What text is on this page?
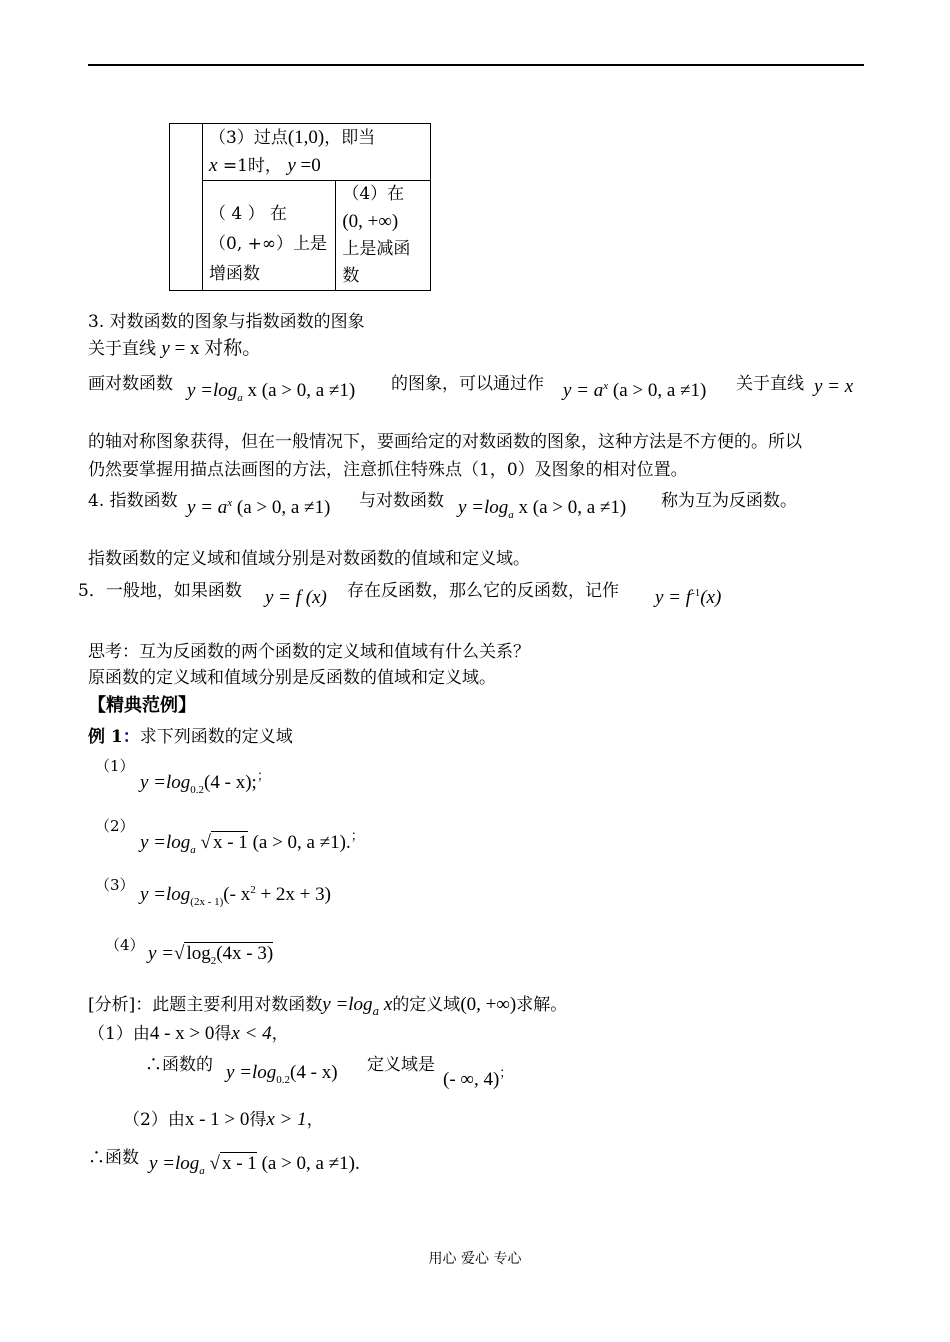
	（3）过点(1,0)，即当
x =1时， y =0	
	（ 4 ） 在
（0, +∞）上是
增函数	（4）在
(0, +∞)
上是减函
数
3. 对数函数的图象与指数函数的图象
关于直线 y = x 对称。
画对数函数 $y =\log_a$ x (a > 0, a ≠1) 的图象，可以通过作 $y = a^x$ (a > 0, a ≠1) 关于直线 y = x
的轴对称图象获得，但在一般情况下，要画给定的对数函数的图象，这种方法是不方便的。所以
仍然要掌握用描点法画图的方法，注意抓住特殊点（1，0）及图象的相对位置。
4. 指数函数 $y = a^x$ (a > 0, a ≠1) 与对数函数 $y =\log_a$ x (a > 0, a ≠1) 称为互为反函数。
指数函数的定义域和值域分别是对数函数的值域和定义域。
5．一般地，如果函数 y = f (x) 存在反函数，那么它的反函数，记作 $y = f^{-1}(x)$
思考：互为反函数的两个函数的定义域和值域有什么关系？
原函数的定义域和值域分别是反函数的值域和定义域。
【精典范例】
例 1：求下列函数的定义域
（1）
$y =\log_{0.2}(4$ - x);；
（2）
$y =\log_a$ √ x - 1 (a > 0, a ≠1).；
（3） $y =\log_{(2x - 1)}(-$ $x^2 + 2x + 3$)
（4） y =√ $\log_2(4x - 3)$
[分析]：此题主要利用对数函数$y =\log_a$ x的定义域(0, +∞)求解。
（1）由4 - x > 0得x < 4，
∴函数的 $y =\log_{0.2}(4 - x)$ 定义域是
(- ∞, 4)；
（2）由x - 1 > 0得x > 1，
∴函数 $y =\log_a$ √ x - 1 (a > 0, a ≠1).
用心 爱心 专心
